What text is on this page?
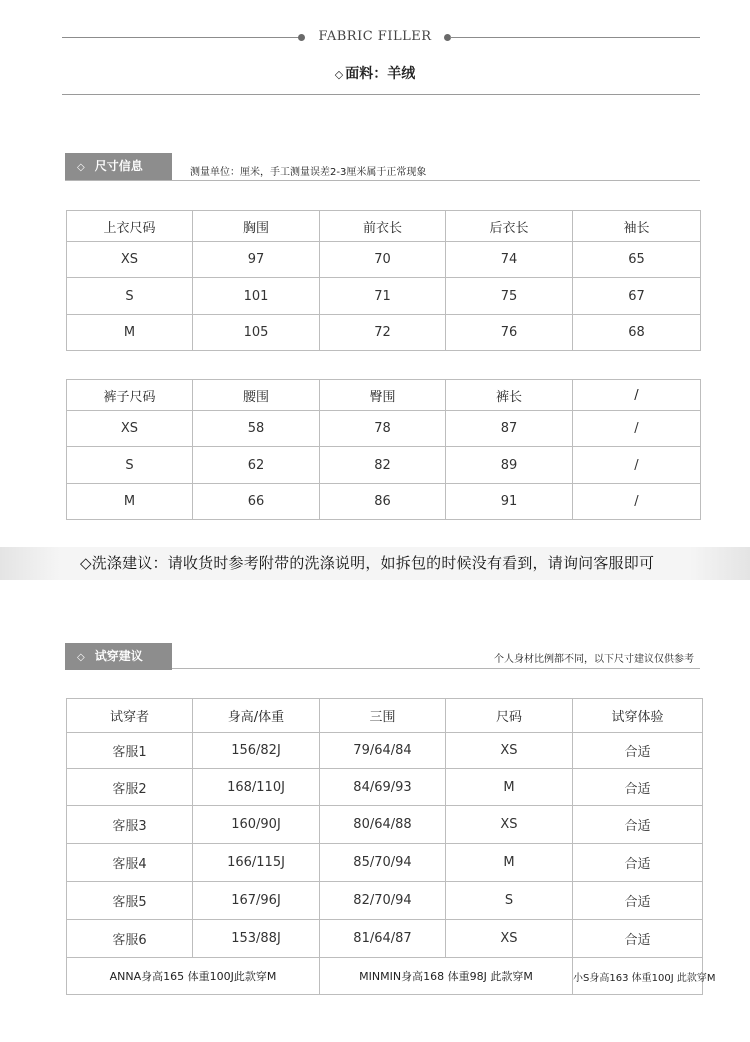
FABRIC FILLER
◇ 面料：羊绒
◇ 尺寸信息	测量单位：厘米，手工测量误差2-3厘米属于正常现象
上衣尺码	胸围	前衣长	后衣长	袖长
XS	97	70	74	65
S	101	71	75	67
M	105	72	76	68
裤子尺码	腰围	臀围	裤长	/
XS	58	78	87	/
S	62	82	89	/
M	66	86	91	/
◇洗涤建议：请收货时参考附带的洗涤说明，如拆包的时候没有看到，请询问客服即可
◇ 试穿建议	个人身材比例都不同，以下尺寸建议仅供参考
试穿者	身高/体重	三围	尺码	试穿体验
客服1	156/82J	79/64/84	XS	合适
客服2	168/110J	84/69/93	M	合适
客服3	160/90J	80/64/88	XS	合适
客服4	166/115J	85/70/94	M	合适
客服5	167/96J	82/70/94	S	合适
客服6	153/88J	81/64/87	XS	合适
ANNA身高165 体重100J此款穿M		MINMIN身高168 体重98J 此款穿M		小S身高163 体重100J 此款穿M
